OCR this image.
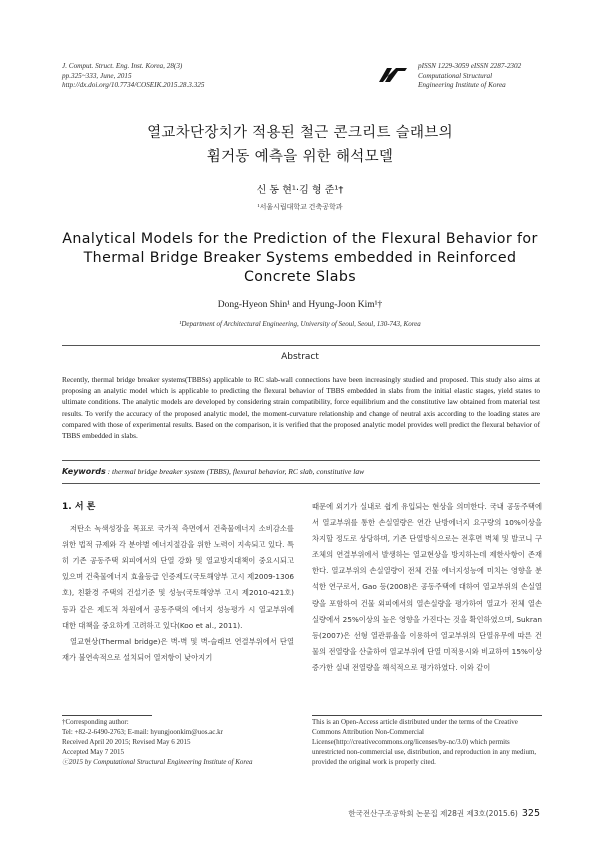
J. Comput. Struct. Eng. Inst. Korea, 28(3)
pp.325~333, June, 2015
http://dx.doi.org/10.7734/COSEIK.2015.28.3.325
pISSN 1229-3059 eISSN 2287-2302
Computational Structural
Engineering Institute of Korea
열교차단장치가 적용된 철근 콘크리트 슬래브의
휨거동 예측을 위한 해석모델
신 동 현¹·김 형 준¹†
¹서울시립대학교 건축공학과
Analytical Models for the Prediction of the Flexural Behavior for
Thermal Bridge Breaker Systems embedded in Reinforced
Concrete Slabs
Dong-Hyeon Shin¹ and Hyung-Joon Kim¹†
¹Department of Architectural Engineering, University of Seoul, Seoul, 130-743, Korea
Abstract
Recently, thermal bridge breaker systems(TBBSs) applicable to RC slab-wall connections have been increasingly studied and proposed. This study also aims at proposing an analytic model which is applicable to predicting the flexural behavior of TBBS embedded in slabs from the initial elastic stages, yield states to ultimate conditions. The analytic models are developed by considering strain compatibility, force equilibrium and the constitutive law obtained from material test results. To verify the accuracy of the proposed analytic model, the moment-curvature relationship and change of neutral axis according to the loading states are compared with those of experimental results. Based on the comparison, it is verified that the proposed analytic model provides well predict the flexural behavior of TBBS embedded in slabs.
Keywords : thermal bridge breaker system (TBBS), flexural behavior, RC slab, constitutive law
1. 서 론
저탄소 녹색성장을 목표로 국가적 측면에서 건축물에너지 소비감소를 위한 법적 규제와 각 분야별 에너지절감을 위한 노력이 지속되고 있다. 특히 기존 공동주택 외피에서의 단열 강화 및 열교방지대책이 중요시되고 있으며 건축물에너지 효율등급 인증제도(국토해양부 고시 제2009-1306호), 친환경 주택의 건설기준 및 성능(국토해양부 고시 제2010-421호) 등과 같은 제도적 차원에서 공동주택의 에너지 성능평가 시 열교부위에 대한 대책을 중요하게 고려하고 있다(Koo et al., 2011).
열교현상(Thermal bridge)은 벽-벽 및 벽-슬래브 연결부위에서 단열재가 불연속적으로 설치되어 열저항이 낮아지기
때문에 외기가 실내로 쉽게 유입되는 현상을 의미한다. 국내 공동주택에서 열교부위를 통한 손실열량은 연간 난방에너지 요구량의 10%이상을 차지할 정도로 상당하며, 기존 단열방식으로는 전후면 벽체 및 발코니 구조체의 연결부위에서 발생하는 열교현상을 방지하는데 제한사항이 존재한다. 열교부위의 손실열량이 전체 건물 에너지성능에 미치는 영향을 분석한 연구로서, Gao 등(2008)은 공동주택에 대하여 열교부위의 손실열량을 포함하여 건물 외피에서의 열손실량을 평가하여 열교가 전체 열손실량에서 25%이상의 높은 영향을 가진다는 것을 확인하였으며, Sukran 등(2007)은 선형 열관류율을 이용하여 열교부위의 단열유무에 따른 건물의 전열량을 산출하여 열교부위에 단열 미적용시와 비교하여 15%이상 증가한 실내 전열량을 해석적으로 평가하였다. 이와 같이
†Corresponding author:
Tel: +82-2-6490-2763; E-mail: hyungjoonkim@uos.ac.kr
Received April 20 2015; Revised May 6 2015
Accepted May 7 2015
ⓒ2015 by Computational Structural Engineering Institute of Korea
This is an Open-Access article distributed under the terms of the Creative Commons Attribution Non-Commercial License(http://creativecommons.org/licenses/by-nc/3.0) which permits unrestricted non-commercial use, distribution, and reproduction in any medium, provided the original work is properly cited.
한국전산구조공학회 논문집 제28권 제3호(2015.6) 325
